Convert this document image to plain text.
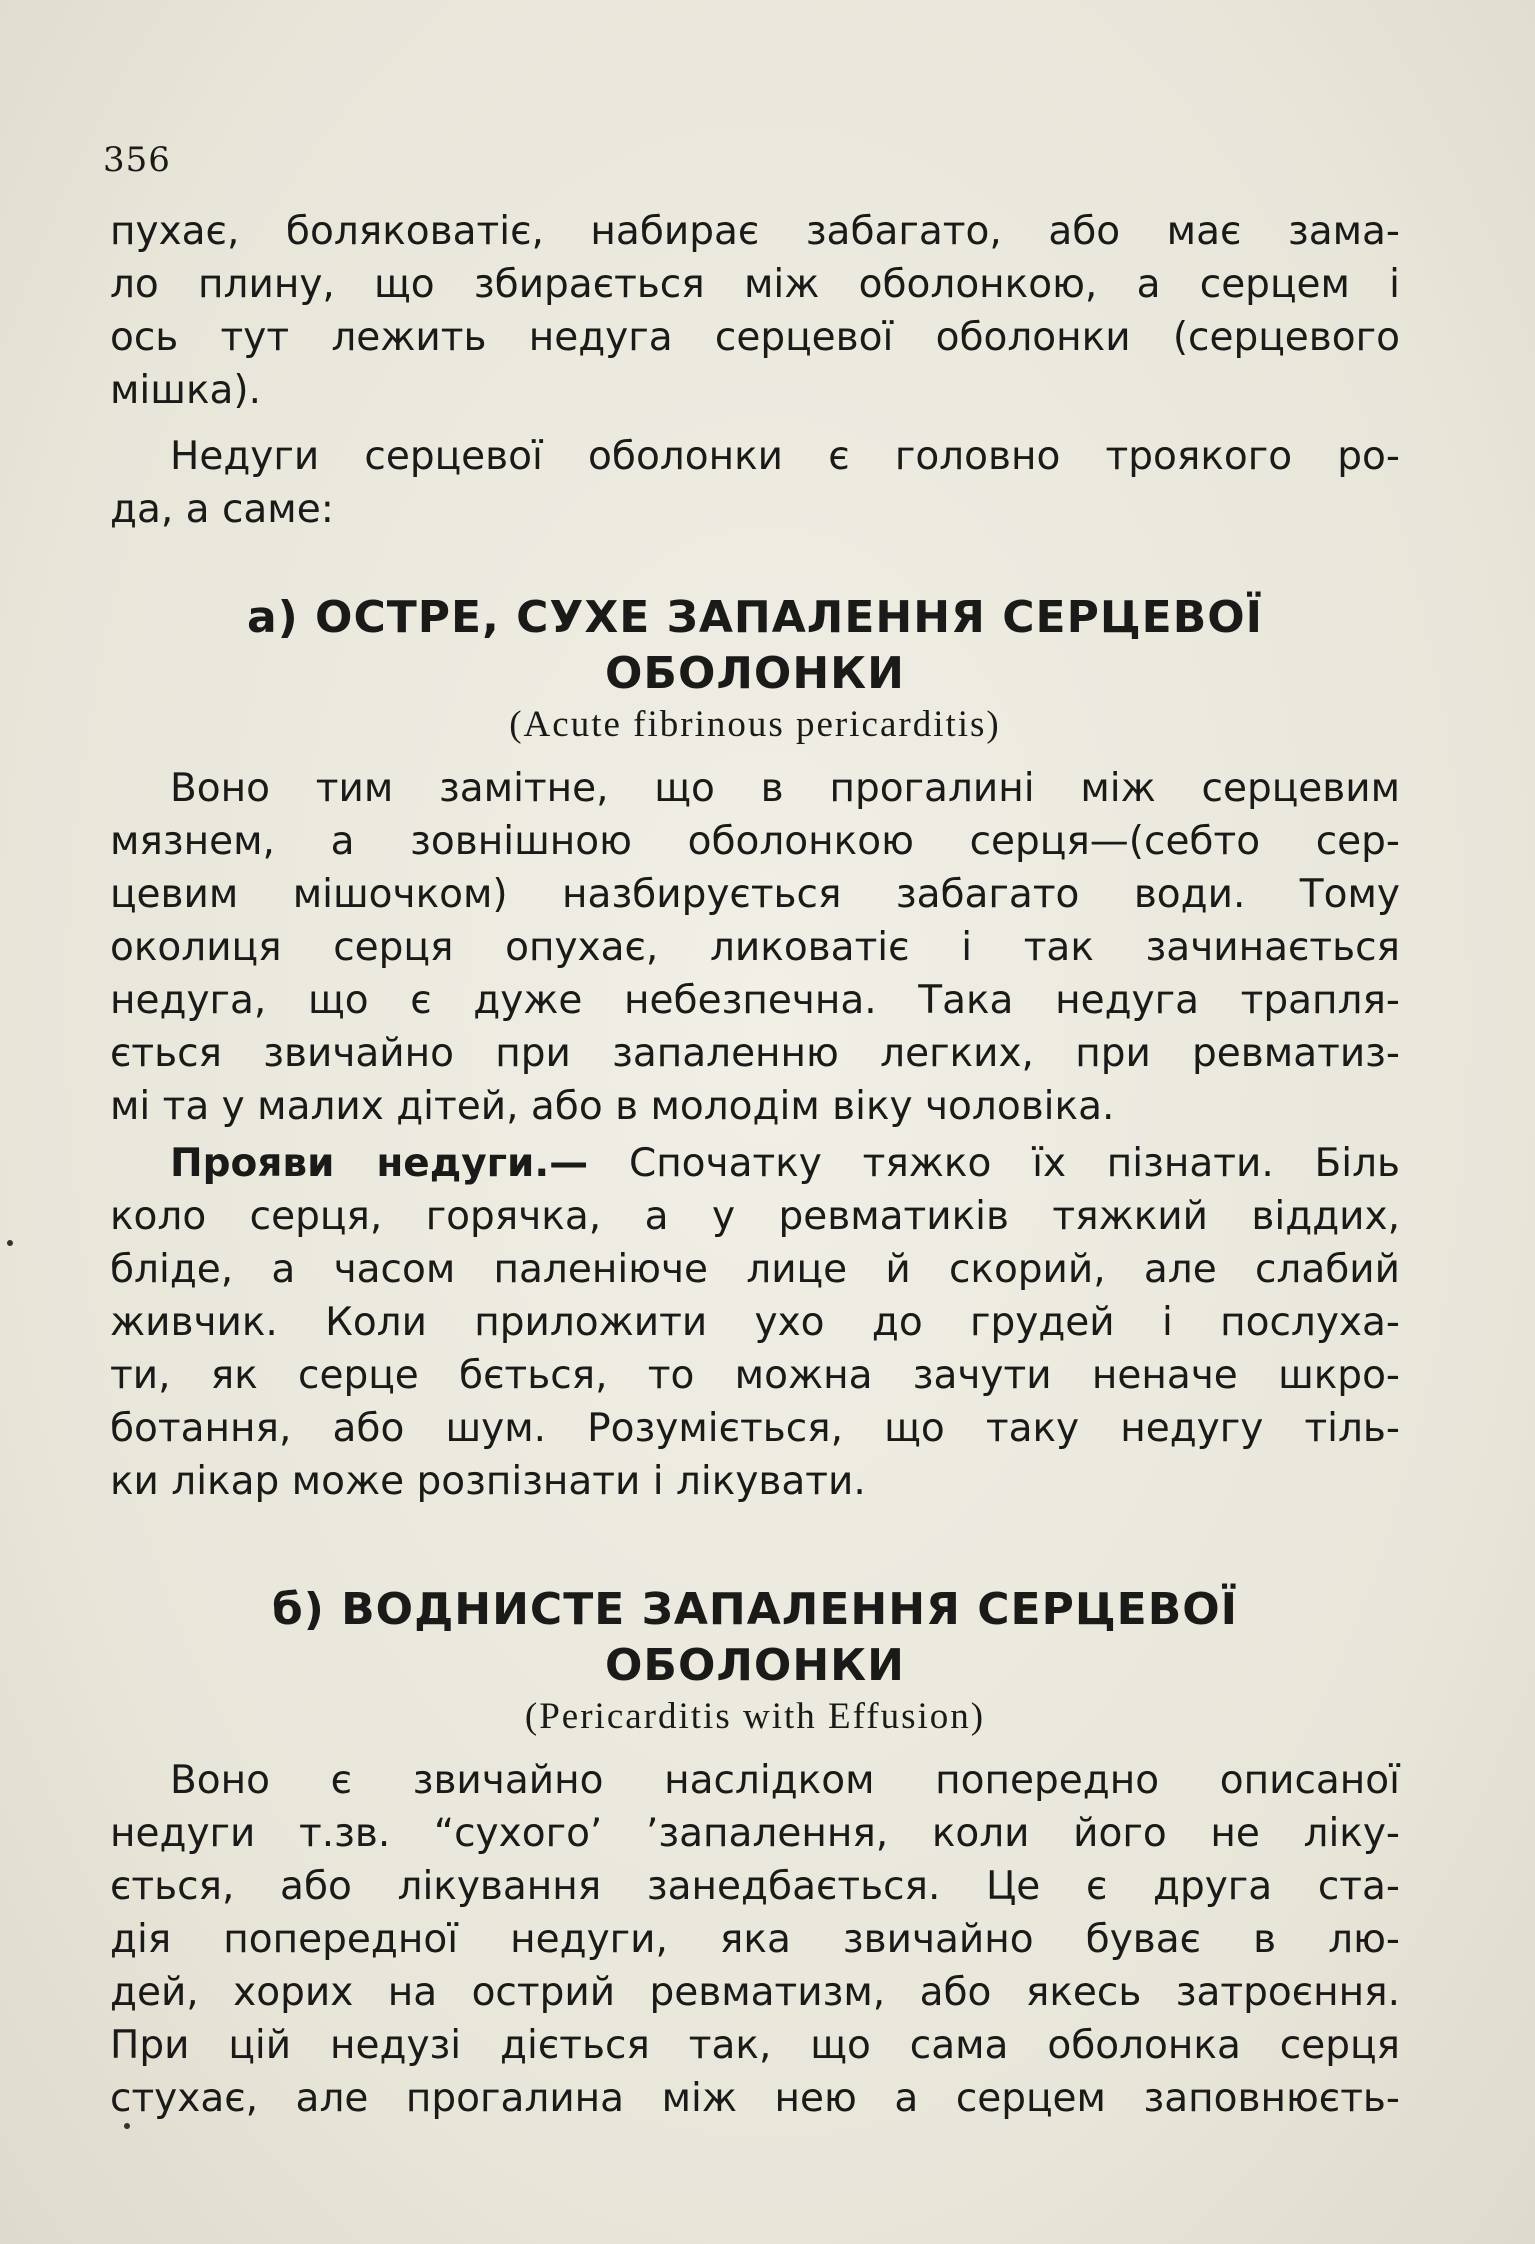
356

пухає, боляковатіє, набирає забагато, або має зама-
ло плину, що збирається між оболонкою, а серцем і
ось тут лежить недуга серцевої оболонки (серцевого
мішка).

Недуги серцевої оболонки є головно троякого ро-
да, а саме:

а) ОСТРЕ, СУХЕ ЗАПАЛЕННЯ СЕРЦЕВОЇ

ОБОЛОНКИ

(Acute fibrinous pericarditis)

Воно тим замітне, що в прогалині між серцевим
мязнем, а зовнішною оболонкою серця—(себто сер-
цевим мішочком) назбирується забагато води. Тому
околиця серця опухає, ликоватіє і так зачинається
недуга, що є дуже небезпечна. Така недуга трапля-
ється звичайно при запаленню легких, при ревматиз-
мі та у малих дітей, або в молодім віку чоловіка.

Прояви недуги.— Спочатку тяжко їх пізнати. Біль
коло серця, горячка, а у ревматиків тяжкий віддих,
бліде, а часом паленіюче лице й скорий, але слабий
живчик. Коли приложити ухо до грудей і послуха-
ти, як серце бється, то можна зачути неначе шкро-
ботання, або шум. Розуміється, що таку недугу тіль-
ки лікар може розпізнати і лікувати.

б) ВОДНИСТЕ ЗАПАЛЕННЯ СЕРЦЕВОЇ

ОБОЛОНКИ

(Pericarditis with Effusion)

Воно є звичайно наслідком попередно описаної
недуги т.зв. “сухого’ ’запалення, коли його не ліку-
ється, або лікування занедбається. Це є друга ста-
дія попередної недуги, яка звичайно буває в лю-
дей, хорих на острий ревматизм, або якесь затроєння.
При цій недузі діється так, що сама оболонка серця
стухає, але прогалина між нею а серцем заповнюєть-
